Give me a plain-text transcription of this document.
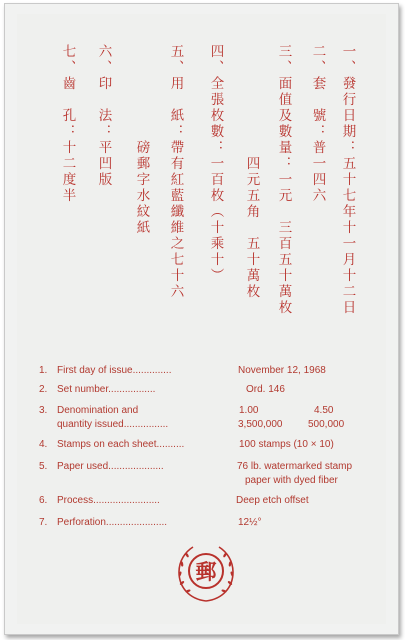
一、發行日期：五十七年十一月十二日
二、套　號：普一四六
三、面值及數量：一元　三百五十萬枚
　　　　　　　四元五角　五十萬枚
四、全張枚數：一百枚（十乘十）
五、用　紙：帶有紅藍纖維之七十六
　　　　　　磅郵字水紋紙
六、印　法：平凹版
七、齒　孔：十二度半
1. First day of issue..............	November 12, 1968
2. Set number.................	Ord. 146
3. Denomination and	1.00	4.50
quantity issued................	3,500,000	500,000
4. Stamps on each sheet..........	100 stamps (10 × 10)
5. Paper used....................	76 lb. watermarked stamp
paper with dyed fiber
6. Process........................	Deep etch offset
7. Perforation......................	12½°
郵
